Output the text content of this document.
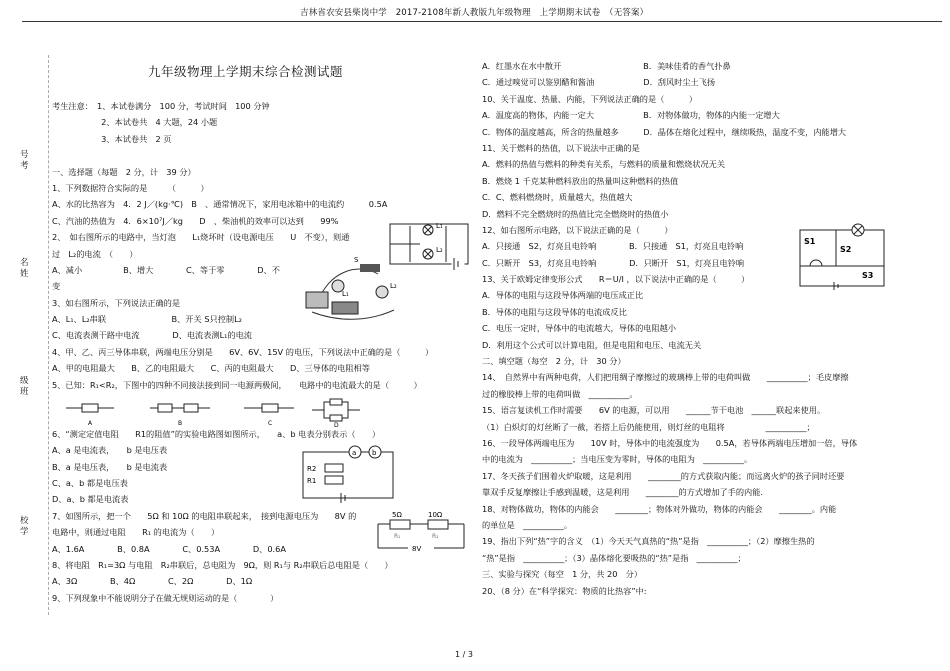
吉林省农安县柴岗中学　2017-2108年新人教版九年级物理　上学期期末试卷　（无答案）
号
考
名
姓
级
班
校
学
九年级物理上学期末综合检测试题
考生注意：　1、本试卷满分　100 分，考试时间　100 分钟
　　　　　　2、本试卷共　4 大题，24 小题
　　　　　　3、本试卷共　2 页
一、选择题（每题　2 分，计　39 分）
1、下列数据符合实际的是　　　（　　　）
A、水的比热容为　4．2 J／(kg·℃)　B　、通常情况下，家用电冰箱中的电流约　　　0.5A
C、汽油的热值为　4．6×10⁷J／kg　　D　、柴油机的效率可以达到　　99%
2、　如右图所示的电路中，当灯泡　　L₁烧坏时（设电源电压　　U　不变），则通
过　L₂的电流　（　　）
A、减小　　　　　B、增大　　　　C、等于零　　　　D、不
变
3、如右图所示，下列说法正确的是
A、L₁、L₂串联　　　　　　　　B、开关 S只控制L₂
C、电流表测干路中电流　　　　D、电流表测L₁的电流
4、甲、乙、丙三导体串联，两端电压分别是　　6V、6V、15V 的电压，下列说法中正确的是（　　　）
A、甲的电阻最大　　B、乙的电阻最大　　C、丙的电阻最大　　D、三导体的电阻相等
5、已知：R₁<R₂，下图中的四种不同接法接到同一电源两极间，　　电路中的电流最大的是（　　　）
6、“测定定值电阻　　R1的阻值”的实验电路图如图所示，　　a、b 电表分别表示（　　）
A、a 是电流表，　　b 是电压表
B、a 是电压表，　　b 是电流表
C、a、b 都是电压表
D、a、b 都是电流表
7、如图所示，把一个　　5Ω 和 10Ω 的电阻串联起来，　接到电源电压为　　8V 的
电路中，则通过电阻　　R₁ 的电流为（　　）
A、1.6A　　　　B、0.8A　　　　C、0.53A　　　　D、0.6A
8、将电阻　R₁=3Ω 与电阻　R₂串联后，总电阻为　9Ω，则 R₁与 R₂串联后总电阻是（　　）
A、3Ω　　　　B、4Ω　　　　C、2Ω　　　　D、1Ω
9、下列现象中不能说明分子在做无规则运动的是（　　　　）
A．红墨水在水中散开　　　　　　　　　　B．美味佳肴的香气扑鼻
C．通过嗅觉可以鉴别醋和酱油　　　　　　D．刮风时尘土飞扬
10、关于温度、热量、内能，下列说法正确的是（　　　）
A．温度高的物体，内能一定大　　　　　　B．对物体做功，物体的内能一定增大
C．物体的温度越高，所含的热量越多　　　D．晶体在熔化过程中，继续吸热，温度不变，内能增大
11、关于燃料的热值，以下说法中正确的是
A．燃料的热值与燃料的种类有关系，与燃料的质量和燃烧状况无关
B．燃烧 1 千克某种燃料放出的热量叫这种燃料的热值
C．C、燃料燃烧时，质量越大，热值越大
D．燃料不完全燃烧时的热值比完全燃烧时的热值小
12、如右图所示电路，以下说法正确的是（　　　）
A．只接通　S2，灯亮且电铃响　　　　B．只接通　S1，灯亮且电铃响
C．只断开　S3，灯亮且电铃响　　　　D．只断开　S1，灯亮且电铃响
13、关于欧姆定律变形公式　　R＝U/I ，以下说法中正确的是（　　　）
A．导体的电阻与这段导体两端的电压成正比
B．导体的电阻与这段导体的电流成反比
C．电压一定时，导体中的电流越大，导体的电阻越小
D．利用这个公式可以计算电阻，但是电阻和电压、电流无关
二、填空题（每空　2 分，计　30 分）
14、　自然界中有两种电荷，人们把用绸子摩擦过的玻璃棒上带的电荷叫做　　__________；毛皮摩擦
过的橡胶棒上带的电荷叫做　__________。
15、语言复读机工作时需要　　6V 的电源，可以用　　______节干电池　______联起来使用。
（1）白炽灯的灯丝断了一截，若搭上后仍能使用，则灯丝的电阻将　　　　　__________；
16、一段导体两端电压为　　10V 时，导体中的电流强度为　　0.5A，若导体两端电压增加一倍，导体
中的电流为　__________；当电压变为零时，导体的电阻为　__________。
17、冬天孩子们围着火炉取暖，这是利用　　________的方式获取内能；而远离火炉的孩子同时还要
靠双手反复摩擦让手感到温暖，这是利用　　________的方式增加了手的内能.
18、对物体做功，物体的内能会　　________；物体对外做功，物体的内能会　　________。内能
的单位是　__________。
19、指出下列“热”字的含义　（1）今天天气真热的“热”是指　__________；（2）摩擦生热的
“热”是指　__________；（3）晶体熔化要吸热的“热”是指　__________；
三、实验与探究（每空　1 分，共 20　分）
20、（8 分）在“科学探究：物质的比热容”中:
L₁
L₂
S
L₁
L₂
A	B	C	D
a b
R2
R1
5Ω	10Ω
R₁	R₂
8V
S1
S2
S3
1 / 3
